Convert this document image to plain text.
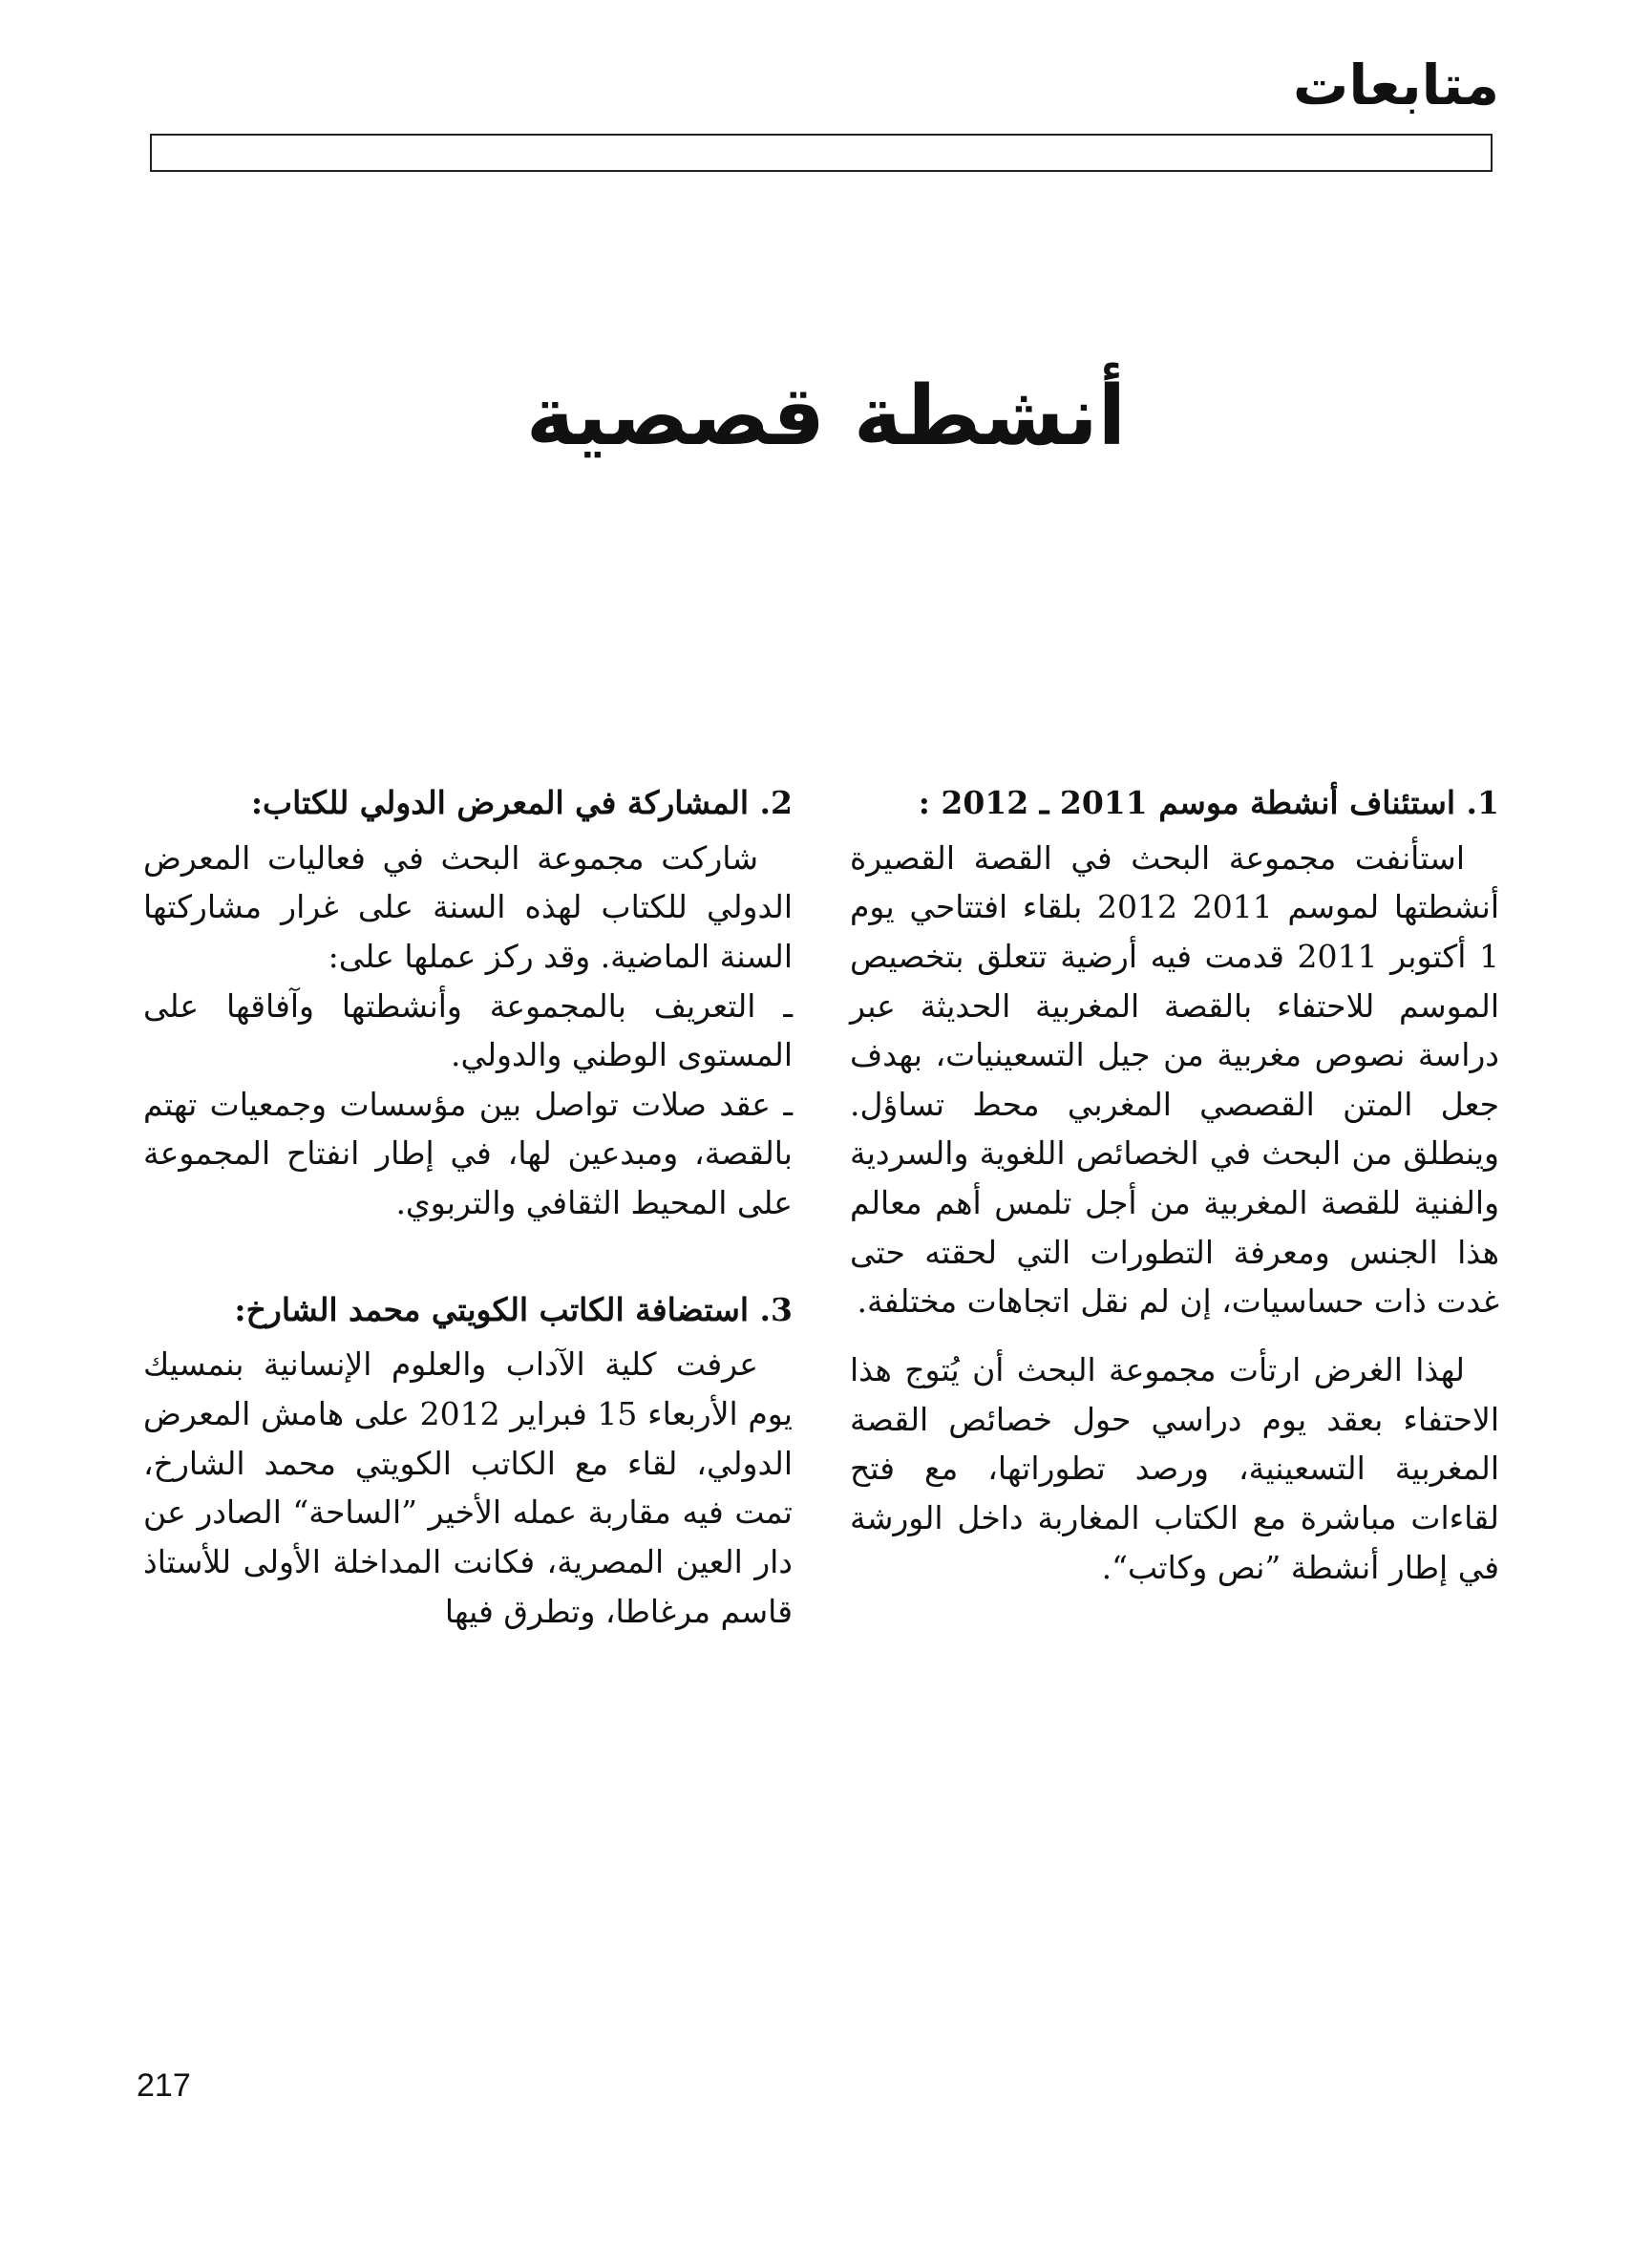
متابعات
أنشطة قصصية
1. استئناف أنشطة موسم 2011 ـ 2012 :

استأنفت مجموعة البحث في القصة القصيرة أنشطتها لموسم 2011 2012 بلقاء افتتاحي يوم 1 أكتوبر 2011 قدمت فيه أرضية تتعلق بتخصيص الموسم للاحتفاء بالقصة المغربية الحديثة عبر دراسة نصوص مغربية من جيل التسعينيات، بهدف جعل المتن القصصي المغربي محط تساؤل. وينطلق من البحث في الخصائص اللغوية والسردية والفنية للقصة المغربية من أجل تلمس أهم معالم هذا الجنس ومعرفة التطورات التي لحقته حتى غدت ذات حساسيات، إن لم نقل اتجاهات مختلفة.

لهذا الغرض ارتأت مجموعة البحث أن يُتوج هذا الاحتفاء بعقد يوم دراسي حول خصائص القصة المغربية التسعينية، ورصد تطوراتها، مع فتح لقاءات مباشرة مع الكتاب المغاربة داخل الورشة في إطار أنشطة ”نص وكاتب“.

2. المشاركة في المعرض الدولي للكتاب:

شاركت مجموعة البحث في فعاليات المعرض الدولي للكتاب لهذه السنة على غرار مشاركتها السنة الماضية. وقد ركز عملها على:

ـ التعريف بالمجموعة وأنشطتها وآفاقها على المستوى الوطني والدولي.

ـ عقد صلات تواصل بين مؤسسات وجمعيات تهتم بالقصة، ومبدعين لها، في إطار انفتاح المجموعة على المحيط الثقافي والتربوي.

3. استضافة الكاتب الكويتي محمد الشارخ:

عرفت كلية الآداب والعلوم الإنسانية بنمسيك يوم الأربعاء 15 فبراير 2012 على هامش المعرض الدولي، لقاء مع الكاتب الكويتي محمد الشارخ، تمت فيه مقاربة عمله الأخير ”الساحة“ الصادر عن دار العين المصرية، فكانت المداخلة الأولى للأستاذ قاسم مرغاطا، وتطرق فيها

217
